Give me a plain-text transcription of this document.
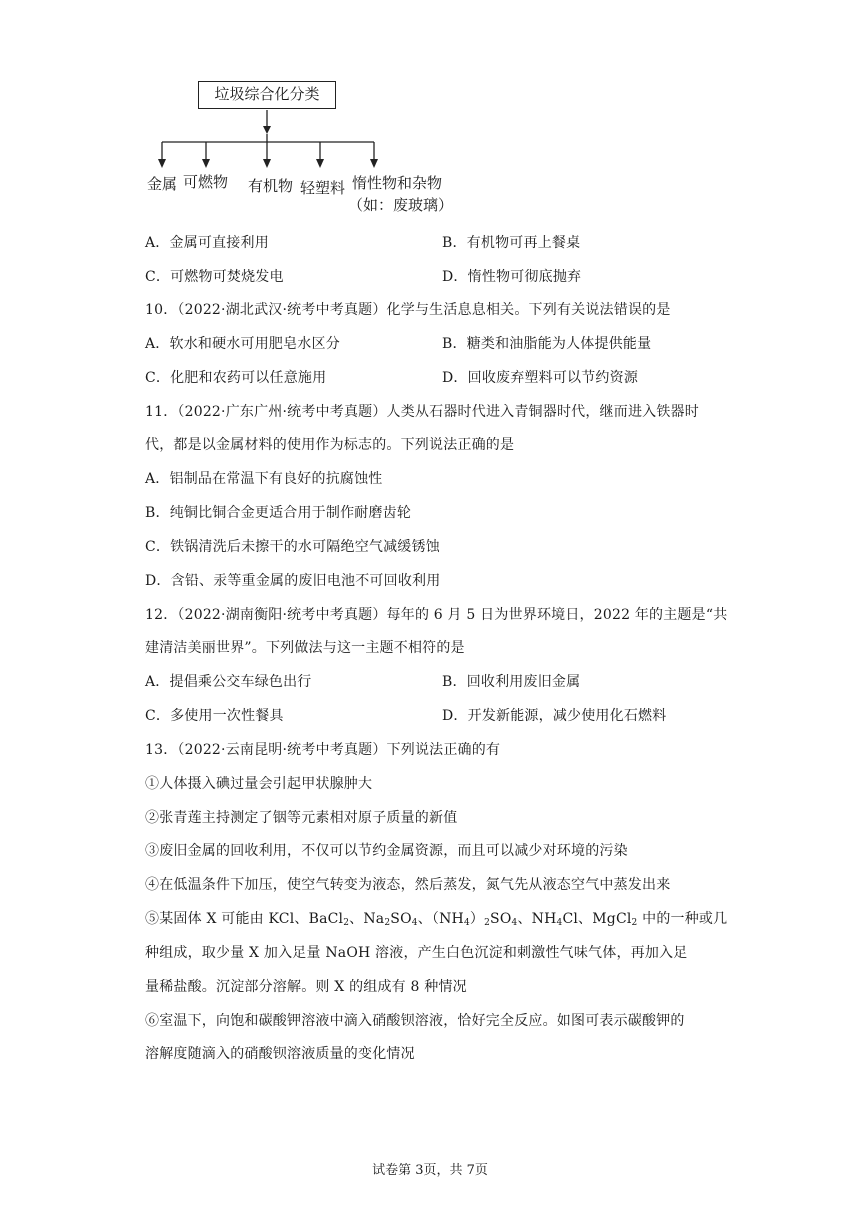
垃圾综合化分类
金属 可燃物 有机物 轻塑料 惰性物和杂物
（如：废玻璃）
A．金属可直接利用	B．有机物可再上餐桌
C．可燃物可焚烧发电	D．惰性物可彻底抛弃
10．（2022·湖北武汉·统考中考真题）化学与生活息息相关。下列有关说法错误的是
A．软水和硬水可用肥皂水区分	B．糖类和油脂能为人体提供能量
C．化肥和农药可以任意施用	D．回收废弃塑料可以节约资源
11．（2022·广东广州·统考中考真题）人类从石器时代进入青铜器时代，继而进入铁器时
代，都是以金属材料的使用作为标志的。下列说法正确的是
A．铝制品在常温下有良好的抗腐蚀性
B．纯铜比铜合金更适合用于制作耐磨齿轮
C．铁锅清洗后未擦干的水可隔绝空气减缓锈蚀
D．含铅、汞等重金属的废旧电池不可回收利用
12．（2022·湖南衡阳·统考中考真题）每年的 6 月 5 日为世界环境日，2022 年的主题是“共
建清洁美丽世界”。下列做法与这一主题不相符的是
A．提倡乘公交车绿色出行	B．回收利用废旧金属
C．多使用一次性餐具	D．开发新能源，减少使用化石燃料
13．（2022·云南昆明·统考中考真题）下列说法正确的有
①人体摄入碘过量会引起甲状腺肿大
②张青莲主持测定了铟等元素相对原子质量的新值
③废旧金属的回收利用，不仅可以节约金属资源，而且可以减少对环境的污染
④在低温条件下加压，使空气转变为液态，然后蒸发，氮气先从液态空气中蒸发出来
⑤某固体 X 可能由 KCl、BaCl$_2$、$Na_2SO_4$、$(NH_4)_2SO_4$、$NH_4Cl$、MgCl$_2$ 中的一种或几
种组成，取少量 X 加入足量 NaOH 溶液，产生白色沉淀和刺激性气味气体，再加入足
量稀盐酸。沉淀部分溶解。则 X 的组成有 8 种情况
⑥室温下，向饱和碳酸钾溶液中滴入硝酸钡溶液，恰好完全反应。如图可表示碳酸钾的
溶解度随滴入的硝酸钡溶液质量的变化情况
试卷第 3页，共 7页
